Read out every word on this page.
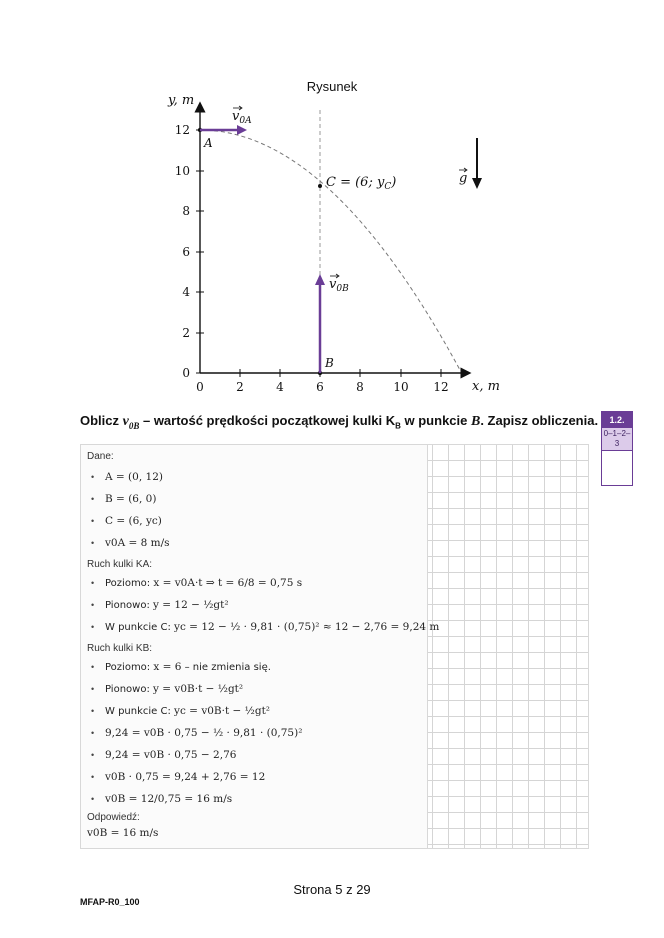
Rysunek
y, m
x, m
0
2
4
6
8
10
12
0	2	4	6	8 10 12
A
B
C = (6; $y_C$)
$v_{0A}$
$v_{0B}$
g
Oblicz $v_{0B}$ – wartość prędkości początkowej kulki $K_B$ w punkcie B. Zapisz obliczenia.	1.2.
0–1–2–3
Dane:
• A = (0, 12)
• B = (6, 0)
• C = (6, yc)
• v0A = 8 m/s
Ruch kulki KA:
• Poziomo: x = v0A·t ⇒ t = 6/8 = 0,75 s
• Pionowo: y = 12 − ½gt²
• W punkcie C: yc = 12 − ½ · 9,81 · (0,75)² ≈ 12 − 2,76 = 9,24 m
Ruch kulki KB:
• Poziomo: x = 6 – nie zmienia się.
• Pionowo: y = v0B·t − ½gt²
• W punkcie C: yc = v0B·t − ½gt²
• 9,24 = v0B · 0,75 − ½ · 9,81 · (0,75)²
• 9,24 = v0B · 0,75 − 2,76
• v0B · 0,75 = 9,24 + 2,76 = 12
• v0B = 12/0,75 = 16 m/s
Odpowiedź:
v0B = 16 m/s
Strona 5 z 29
MFAP-R0_100
